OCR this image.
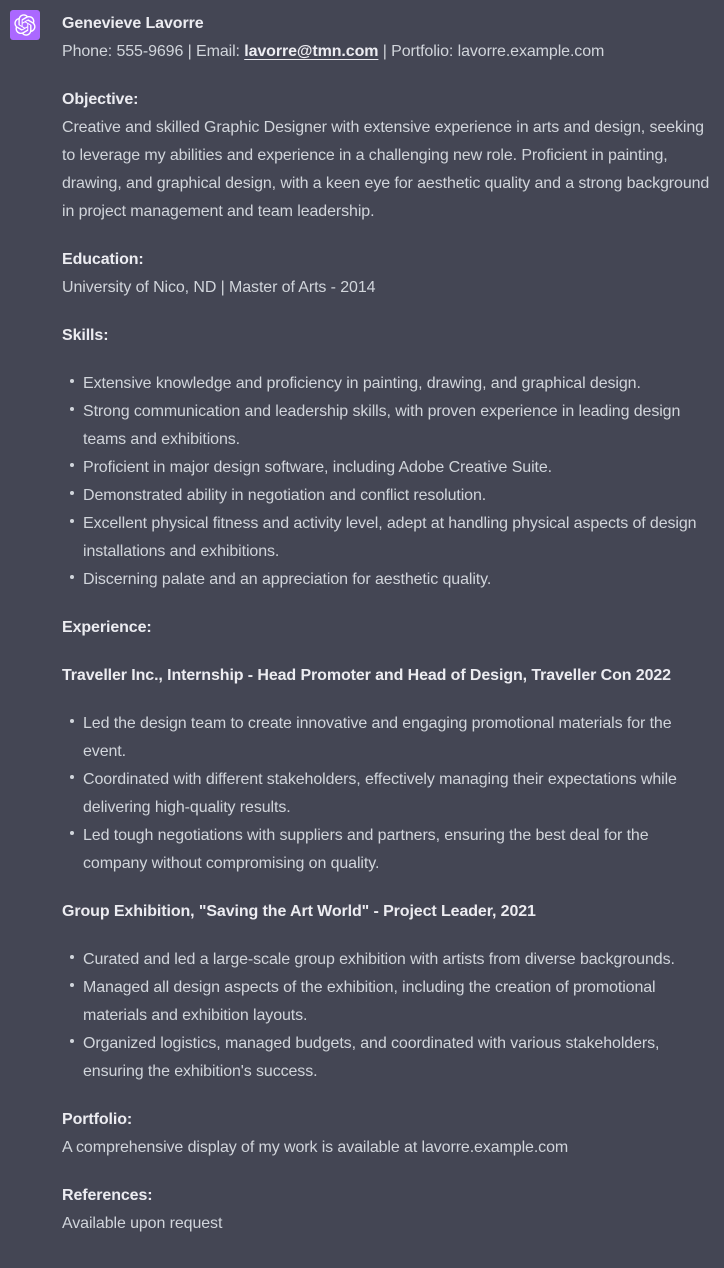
Genevieve Lavorre
Phone: 555-9696 | Email: lavorre@tmn.com | Portfolio: lavorre.example.com

Objective:
Creative and skilled Graphic Designer with extensive experience in arts and design, seeking to leverage my abilities and experience in a challenging new role. Proficient in painting, drawing, and graphical design, with a keen eye for aesthetic quality and a strong background in project management and team leadership.

Education:
University of Nico, ND | Master of Arts - 2014

Skills:

Extensive knowledge and proficiency in painting, drawing, and graphical design.
Strong communication and leadership skills, with proven experience in leading design teams and exhibitions.
Proficient in major design software, including Adobe Creative Suite.
Demonstrated ability in negotiation and conflict resolution.
Excellent physical fitness and activity level, adept at handling physical aspects of design installations and exhibitions.
Discerning palate and an appreciation for aesthetic quality.

Experience:

Traveller Inc., Internship - Head Promoter and Head of Design, Traveller Con 2022

Led the design team to create innovative and engaging promotional materials for the event.
Coordinated with different stakeholders, effectively managing their expectations while delivering high-quality results.
Led tough negotiations with suppliers and partners, ensuring the best deal for the company without compromising on quality.

Group Exhibition, "Saving the Art World" - Project Leader, 2021

Curated and led a large-scale group exhibition with artists from diverse backgrounds.
Managed all design aspects of the exhibition, including the creation of promotional materials and exhibition layouts.
Organized logistics, managed budgets, and coordinated with various stakeholders, ensuring the exhibition's success.

Portfolio:
A comprehensive display of my work is available at lavorre.example.com

References:
Available upon request
